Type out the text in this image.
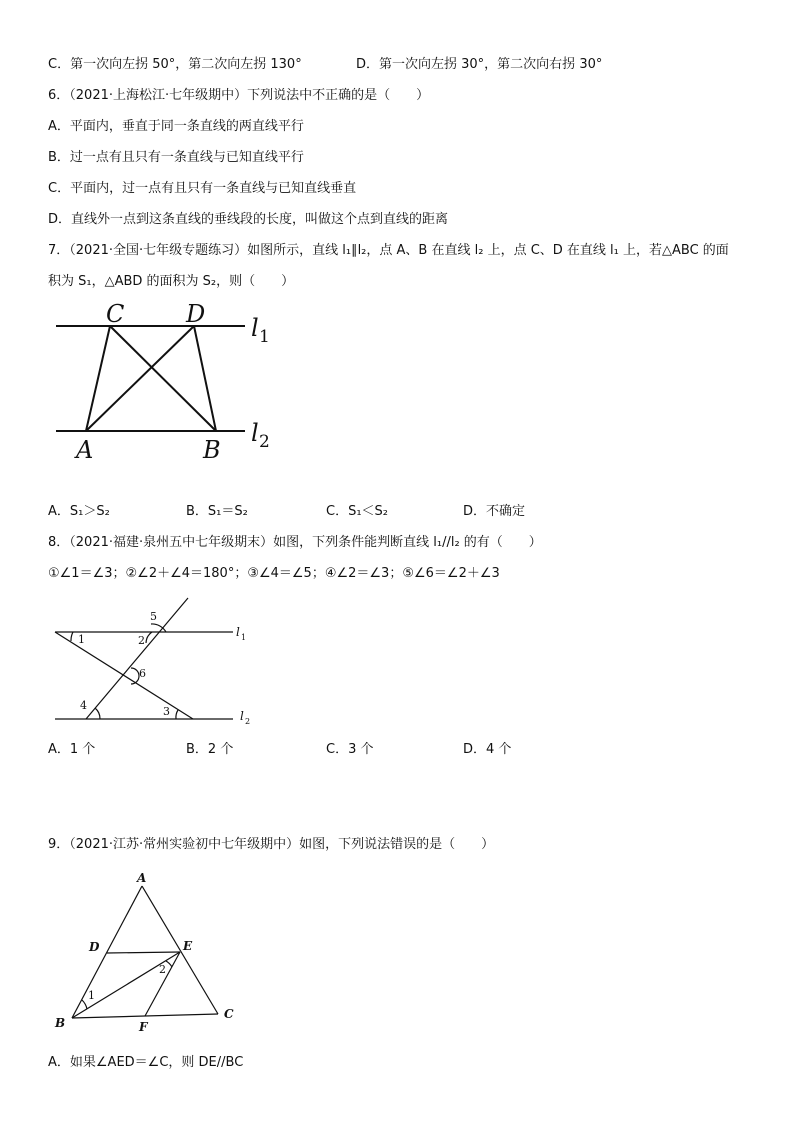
C．第一次向左拐 50°，第二次向左拐 130°	D．第一次向左拐 30°，第二次向右拐 30°
6．（2021·上海松江·七年级期中）下列说法中不正确的是（　　）
A．平面内，垂直于同一条直线的两直线平行
B．过一点有且只有一条直线与已知直线平行
C．平面内，过一点有且只有一条直线与已知直线垂直
D．直线外一点到这条直线的垂线段的长度，叫做这个点到直线的距离
7．（2021·全国·七年级专题练习）如图所示，直线 l₁∥l₂，点 A、B 在直线 l₂ 上，点 C、D 在直线 l₁ 上，若△ABC 的面
积为 S₁，△ABD 的面积为 S₂，则（　　）
C	D
A	B
l 1
l 2
A．S₁＞S₂	B．S₁＝S₂	C．S₁＜S₂	D．不确定
8．（2021·福建·泉州五中七年级期末）如图，下列条件能判断直线 l₁//l₂ 的有（　　）
①∠1＝∠3；②∠2＋∠4＝180°；③∠4＝∠5；④∠2＝∠3；⑤∠6＝∠2＋∠3
1	2
5
6
4	3
l 1
l 2
A．1 个	B．2 个	C．3 个	D．4 个
9．（2021·江苏·常州实验初中七年级期中）如图，下列说法错误的是（　　）
A
D	E
B
C
F
1
2
A．如果∠AED＝∠C，则 DE//BC
